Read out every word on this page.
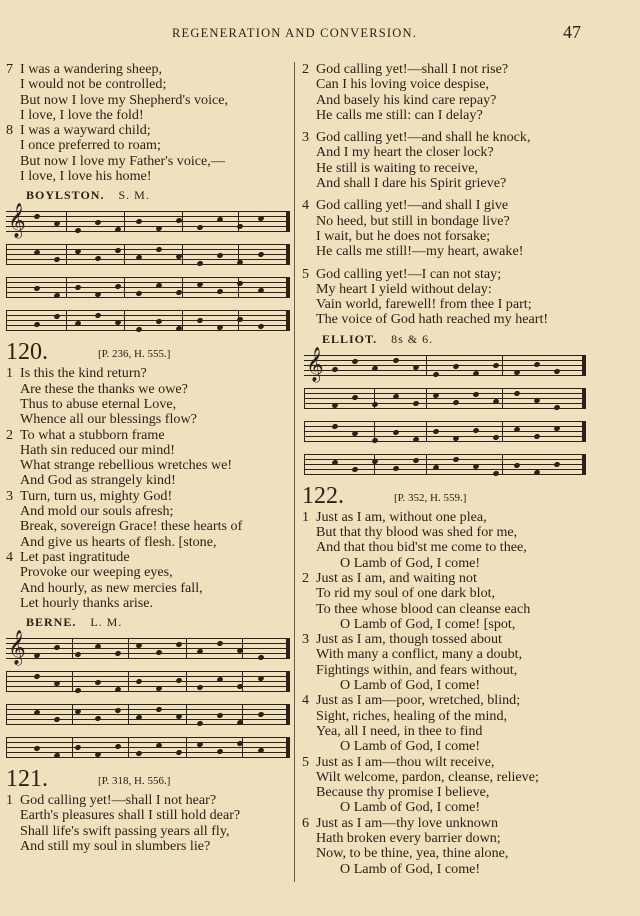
REGENERATION AND CONVERSION.	47
7 I was a wandering sheep,
I would not be controlled;
But now I love my Shepherd's voice,
I love, I love the fold!
8 I was a wayward child;
I once preferred to roam;
But now I love my Father's voice,—
I love, I love his home!
BOYLSTON. S. M.
𝄞
120.	[P. 236, H. 555.]
1 Is this the kind return?
Are these the thanks we owe?
Thus to abuse eternal Love,
Whence all our blessings flow?
2 To what a stubborn frame
Hath sin reduced our mind!
What strange rebellious wretches we!
And God as strangely kind!
3 Turn, turn us, mighty God!
And mold our souls afresh;
Break, sovereign Grace! these hearts of
And give us hearts of flesh. [stone,
4 Let past ingratitude
Provoke our weeping eyes,
And hourly, as new mercies fall,
Let hourly thanks arise.
BERNE. L. M.
𝄞
121.	[P. 318, H. 556.]
1 God calling yet!—shall I not hear?
Earth's pleasures shall I still hold dear?
Shall life's swift passing years all fly,
And still my soul in slumbers lie?
2 God calling yet!—shall I not rise?
Can I his loving voice despise,
And basely his kind care repay?
He calls me still: can I delay?
3 God calling yet!—and shall he knock,
And I my heart the closer lock?
He still is waiting to receive,
And shall I dare his Spirit grieve?
4 God calling yet!—and shall I give
No heed, but still in bondage live?
I wait, but he does not forsake;
He calls me still!—my heart, awake!
5 God calling yet!—I can not stay;
My heart I yield without delay:
Vain world, farewell! from thee I part;
The voice of God hath reached my heart!
ELLIOT. 8s & 6.
𝄞
122.	[P. 352, H. 559.]
1 Just as I am, without one plea,
But that thy blood was shed for me,
And that thou bid'st me come to thee,
O Lamb of God, I come!
2 Just as I am, and waiting not
To rid my soul of one dark blot,
To thee whose blood can cleanse each
O Lamb of God, I come! [spot,
3 Just as I am, though tossed about
With many a conflict, many a doubt,
Fightings within, and fears without,
O Lamb of God, I come!
4 Just as I am—poor, wretched, blind;
Sight, riches, healing of the mind,
Yea, all I need, in thee to find
O Lamb of God, I come!
5 Just as I am—thou wilt receive,
Wilt welcome, pardon, cleanse, relieve;
Because thy promise I believe,
O Lamb of God, I come!
6 Just as I am—thy love unknown
Hath broken every barrier down;
Now, to be thine, yea, thine alone,
O Lamb of God, I come!
